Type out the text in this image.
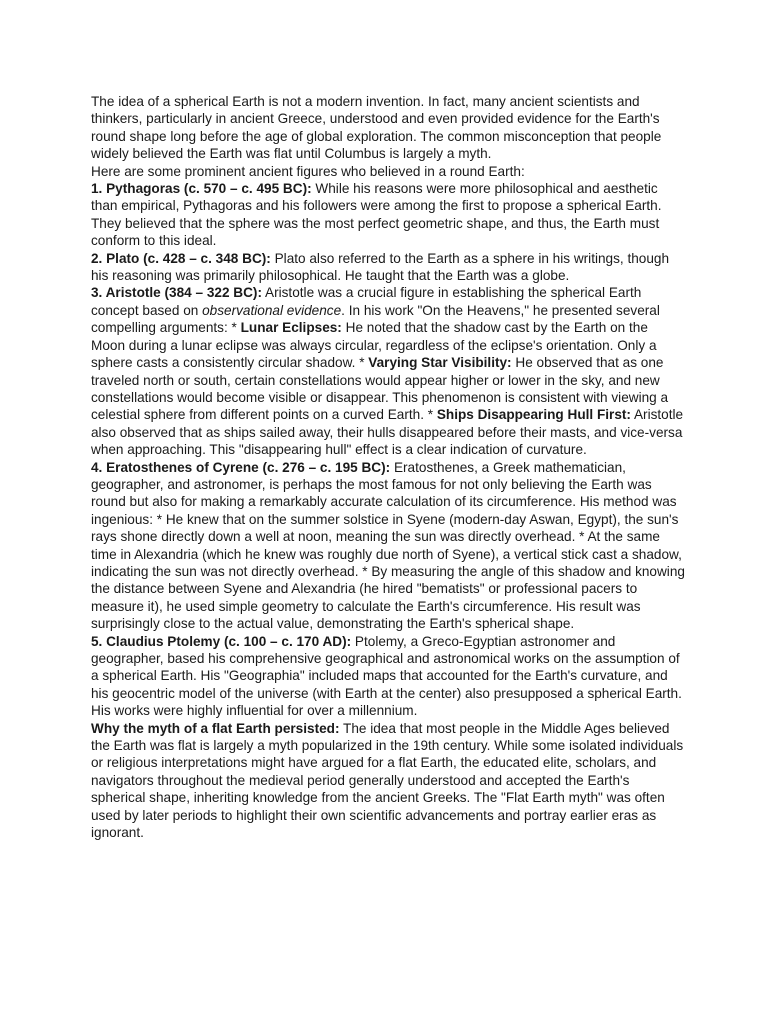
The idea of a spherical Earth is not a modern invention. In fact, many ancient scientists and thinkers, particularly in ancient Greece, understood and even provided evidence for the Earth's round shape long before the age of global exploration. The common misconception that people widely believed the Earth was flat until Columbus is largely a myth.

Here are some prominent ancient figures who believed in a round Earth:

1. Pythagoras (c. 570 – c. 495 BC): While his reasons were more philosophical and aesthetic than empirical, Pythagoras and his followers were among the first to propose a spherical Earth. They believed that the sphere was the most perfect geometric shape, and thus, the Earth must conform to this ideal.

2. Plato (c. 428 – c. 348 BC): Plato also referred to the Earth as a sphere in his writings, though his reasoning was primarily philosophical. He taught that the Earth was a globe.

3. Aristotle (384 – 322 BC): Aristotle was a crucial figure in establishing the spherical Earth concept based on observational evidence. In his work "On the Heavens," he presented several compelling arguments: * Lunar Eclipses: He noted that the shadow cast by the Earth on the Moon during a lunar eclipse was always circular, regardless of the eclipse's orientation. Only a sphere casts a consistently circular shadow. * Varying Star Visibility: He observed that as one traveled north or south, certain constellations would appear higher or lower in the sky, and new constellations would become visible or disappear. This phenomenon is consistent with viewing a celestial sphere from different points on a curved Earth. * Ships Disappearing Hull First: Aristotle also observed that as ships sailed away, their hulls disappeared before their masts, and vice-versa when approaching. This "disappearing hull" effect is a clear indication of curvature.

4. Eratosthenes of Cyrene (c. 276 – c. 195 BC): Eratosthenes, a Greek mathematician, geographer, and astronomer, is perhaps the most famous for not only believing the Earth was round but also for making a remarkably accurate calculation of its circumference. His method was ingenious: * He knew that on the summer solstice in Syene (modern-day Aswan, Egypt), the sun's rays shone directly down a well at noon, meaning the sun was directly overhead. * At the same time in Alexandria (which he knew was roughly due north of Syene), a vertical stick cast a shadow, indicating the sun was not directly overhead. * By measuring the angle of this shadow and knowing the distance between Syene and Alexandria (he hired "bematists" or professional pacers to measure it), he used simple geometry to calculate the Earth's circumference. His result was surprisingly close to the actual value, demonstrating the Earth's spherical shape.

5. Claudius Ptolemy (c. 100 – c. 170 AD): Ptolemy, a Greco-Egyptian astronomer and geographer, based his comprehensive geographical and astronomical works on the assumption of a spherical Earth. His "Geographia" included maps that accounted for the Earth's curvature, and his geocentric model of the universe (with Earth at the center) also presupposed a spherical Earth. His works were highly influential for over a millennium.

Why the myth of a flat Earth persisted: The idea that most people in the Middle Ages believed the Earth was flat is largely a myth popularized in the 19th century. While some isolated individuals or religious interpretations might have argued for a flat Earth, the educated elite, scholars, and navigators throughout the medieval period generally understood and accepted the Earth's spherical shape, inheriting knowledge from the ancient Greeks. The "Flat Earth myth" was often used by later periods to highlight their own scientific advancements and portray earlier eras as ignorant.
